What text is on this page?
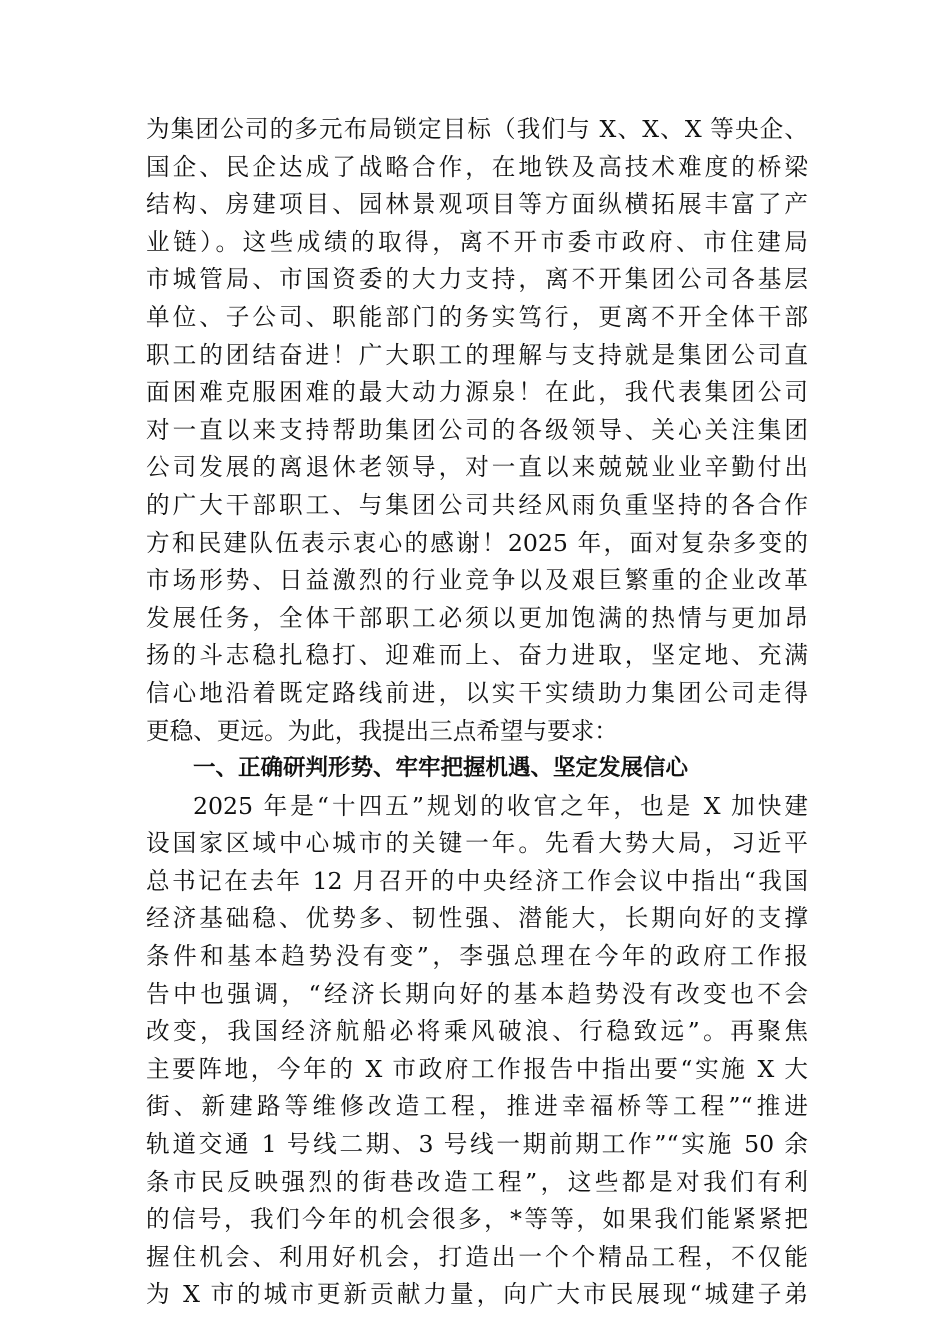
为集团公司的多元布局锁定目标（我们与 X、X、X 等央企、
国企、民企达成了战略合作，在地铁及高技术难度的桥梁
结构、房建项目、园林景观项目等方面纵横拓展丰富了产
业链）。这些成绩的取得，离不开市委市政府、市住建局
市城管局、市国资委的大力支持，离不开集团公司各基层
单位、子公司、职能部门的务实笃行，更离不开全体干部
职工的团结奋进！广大职工的理解与支持就是集团公司直
面困难克服困难的最大动力源泉！在此，我代表集团公司
对一直以来支持帮助集团公司的各级领导、关心关注集团
公司发展的离退休老领导，对一直以来兢兢业业辛勤付出
的广大干部职工、与集团公司共经风雨负重坚持的各合作
方和民建队伍表示衷心的感谢！2025 年，面对复杂多变的
市场形势、日益激烈的行业竞争以及艰巨繁重的企业改革
发展任务，全体干部职工必须以更加饱满的热情与更加昂
扬的斗志稳扎稳打、迎难而上、奋力进取，坚定地、充满
信心地沿着既定路线前进，以实干实绩助力集团公司走得
更稳、更远。为此，我提出三点希望与要求：
一、正确研判形势、牢牢把握机遇、坚定发展信心
2025 年是“十四五”规划的收官之年，也是 X 加快建
设国家区域中心城市的关键一年。先看大势大局，习近平
总书记在去年 12 月召开的中央经济工作会议中指出“我国
经济基础稳、优势多、韧性强、潜能大，长期向好的支撑
条件和基本趋势没有变”，李强总理在今年的政府工作报
告中也强调，“经济长期向好的基本趋势没有改变也不会
改变，我国经济航船必将乘风破浪、行稳致远”。再聚焦
主要阵地，今年的 X 市政府工作报告中指出要“实施 X 大
街、新建路等维修改造工程，推进幸福桥等工程”“推进
轨道交通 1 号线二期、3 号线一期前期工作”“实施 50 余
条市民反映强烈的街巷改造工程”，这些都是对我们有利
的信号，我们今年的机会很多，*等等，如果我们能紧紧把
握住机会、利用好机会，打造出一个个精品工程，不仅能
为 X 市的城市更新贡献力量，向广大市民展现“城建子弟
